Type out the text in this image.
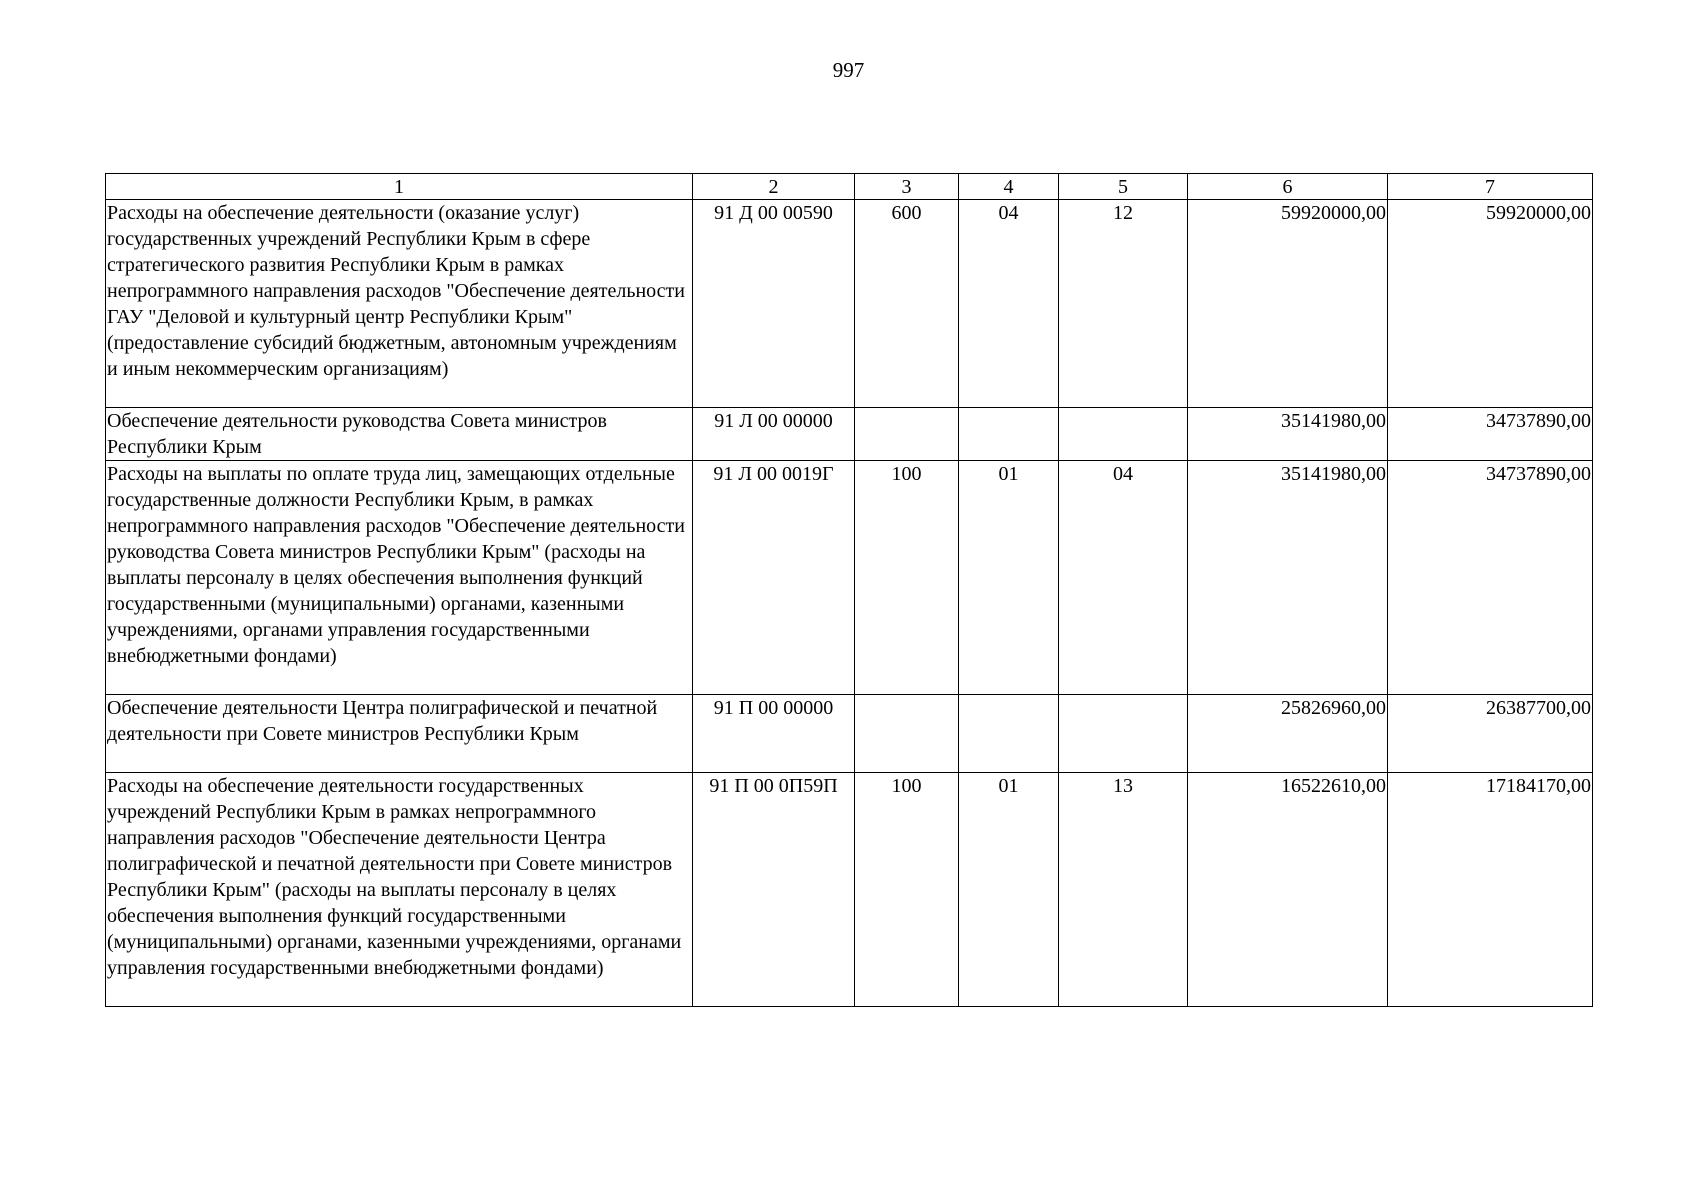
997
1	2	3	4	5	6	7
Расходы на обеспечение деятельности (оказание услуг) государственных учреждений Республики Крым в сфере стратегического развития Республики Крым в рамках непрограммного направления расходов "Обеспечение деятельности ГАУ "Деловой и культурный центр Республики Крым" (предоставление субсидий бюджетным, автономным учреждениям и иным некоммерческим организациям)	91 Д 00 00590	600	04	12	59920000,00	59920000,00
Обеспечение деятельности руководства Совета министров Республики Крым	91 Л 00 00000				35141980,00	34737890,00
Расходы на выплаты по оплате труда лиц, замещающих отдельные государственные должности Республики Крым, в рамках непрограммного направления расходов "Обеспечение деятельности руководства Совета министров Республики Крым" (расходы на выплаты персоналу в целях обеспечения выполнения функций государственными (муниципальными) органами, казенными учреждениями, органами управления государственными внебюджетными фондами)	91 Л 00 0019Г	100	01	04	35141980,00	34737890,00
Обеспечение деятельности Центра полиграфической и печатной деятельности при Совете министров Республики Крым	91 П 00 00000				25826960,00	26387700,00
Расходы на обеспечение деятельности государственных учреждений Республики Крым в рамках непрограммного направления расходов "Обеспечение деятельности Центра полиграфической и печатной деятельности при Совете министров Республики Крым" (расходы на выплаты персоналу в целях обеспечения выполнения функций государственными (муниципальными) органами, казенными учреждениями, органами управления государственными внебюджетными фондами)	91 П 00 0П59П	100	01	13	16522610,00	17184170,00
